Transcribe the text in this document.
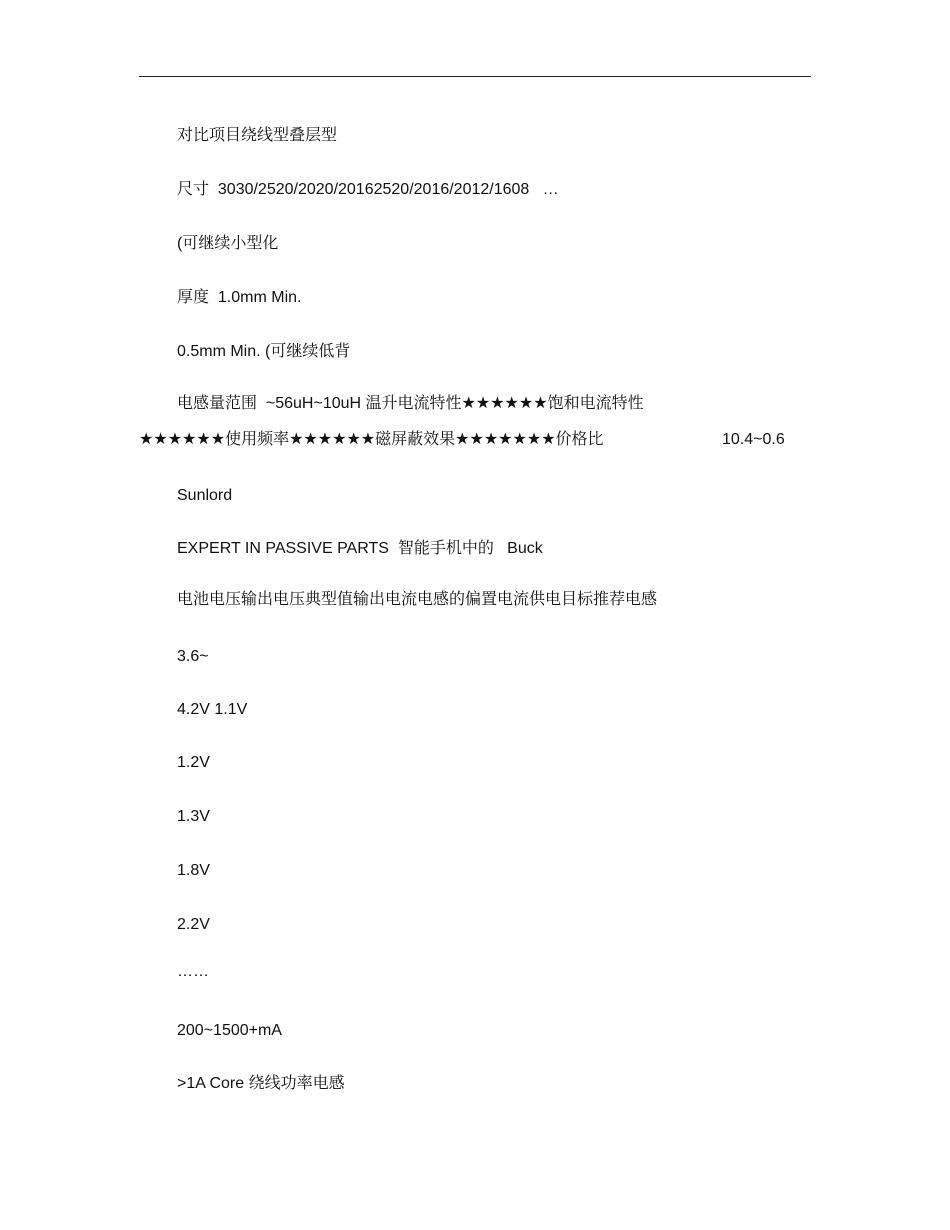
对比项目绕线型叠层型
尺寸  3030/2520/2020/20162520/2016/2012/1608   …
(可继续小型化
厚度  1.0mm Min.
0.5mm Min. (可继续低背
电感量范围  ~56uH~10uH 温升电流特性★★★★★★饱和电流特性
★★★★★★使用频率★★★★★★磁屏蔽效果★★★★★★★价格比	10.4~0.6
Sunlord
EXPERT IN PASSIVE PARTS  智能手机中的   Buck
电池电压输出电压典型值输出电流电感的偏置电流供电目标推荐电感
3.6~
4.2V 1.1V
1.2V
1.3V
1.8V
2.2V
……
200~1500+mA
>1A Core 绕线功率电感
